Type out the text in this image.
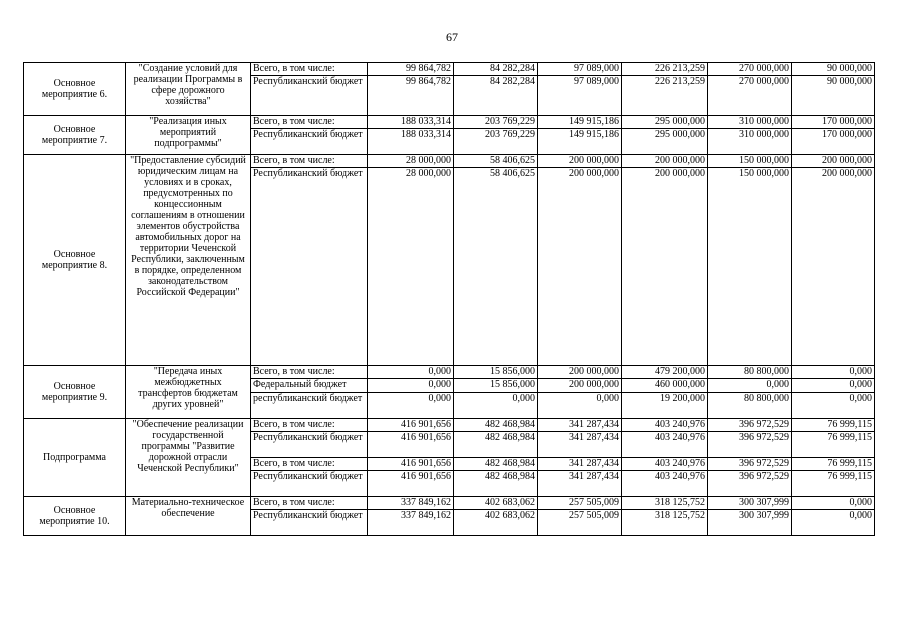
67
Основное мероприятие 6.	"Создание условий для реализации Программы в сфере дорожного хозяйства"	Всего, в том числе:	99 864,782	84 282,284	97 089,000	226 213,259	270 000,000	90 000,000
		Республиканский бюджет	99 864,782	84 282,284	97 089,000	226 213,259	270 000,000	90 000,000
Основное мероприятие 7.	"Реализация иных мероприятий подпрограммы"	Всего, в том числе:	188 033,314	203 769,229	149 915,186	295 000,000	310 000,000	170 000,000
		Республиканский бюджет	188 033,314	203 769,229	149 915,186	295 000,000	310 000,000	170 000,000
Основное мероприятие 8.	"Предоставление субсидий юридическим лицам на условиях и в сроках, предусмотренных по концессионным соглашениям в отношении элементов обустройства автомобильных дорог на территории Чеченской Республики, заключенным в порядке, определенном законодательством Российской Федерации"	Всего, в том числе:	28 000,000	58 406,625	200 000,000	200 000,000	150 000,000	200 000,000
		Республиканский бюджет	28 000,000	58 406,625	200 000,000	200 000,000	150 000,000	200 000,000
Основное мероприятие 9.	"Передача иных межбюджетных трансфертов бюджетам других уровней"	Всего, в том числе:	0,000	15 856,000	200 000,000	479 200,000	80 800,000	0,000
		Федеральный бюджет	0,000	15 856,000	200 000,000	460 000,000	0,000	0,000
		республиканский бюджет	0,000	0,000	0,000	19 200,000	80 800,000	0,000
Подпрограмма	"Обеспечение реализации государственной программы "Развитие дорожной отрасли Чеченской Республики"	Всего, в том числе:	416 901,656	482 468,984	341 287,434	403 240,976	396 972,529	76 999,115
		Республиканский бюджет	416 901,656	482 468,984	341 287,434	403 240,976	396 972,529	76 999,115
		Всего, в том числе:	416 901,656	482 468,984	341 287,434	403 240,976	396 972,529	76 999,115
		Республиканский бюджет	416 901,656	482 468,984	341 287,434	403 240,976	396 972,529	76 999,115
Основное мероприятие 10.	Материально-техническое обеспечение	Всего, в том числе:	337 849,162	402 683,062	257 505,009	318 125,752	300 307,999	0,000
		Республиканский бюджет	337 849,162	402 683,062	257 505,009	318 125,752	300 307,999	0,000
